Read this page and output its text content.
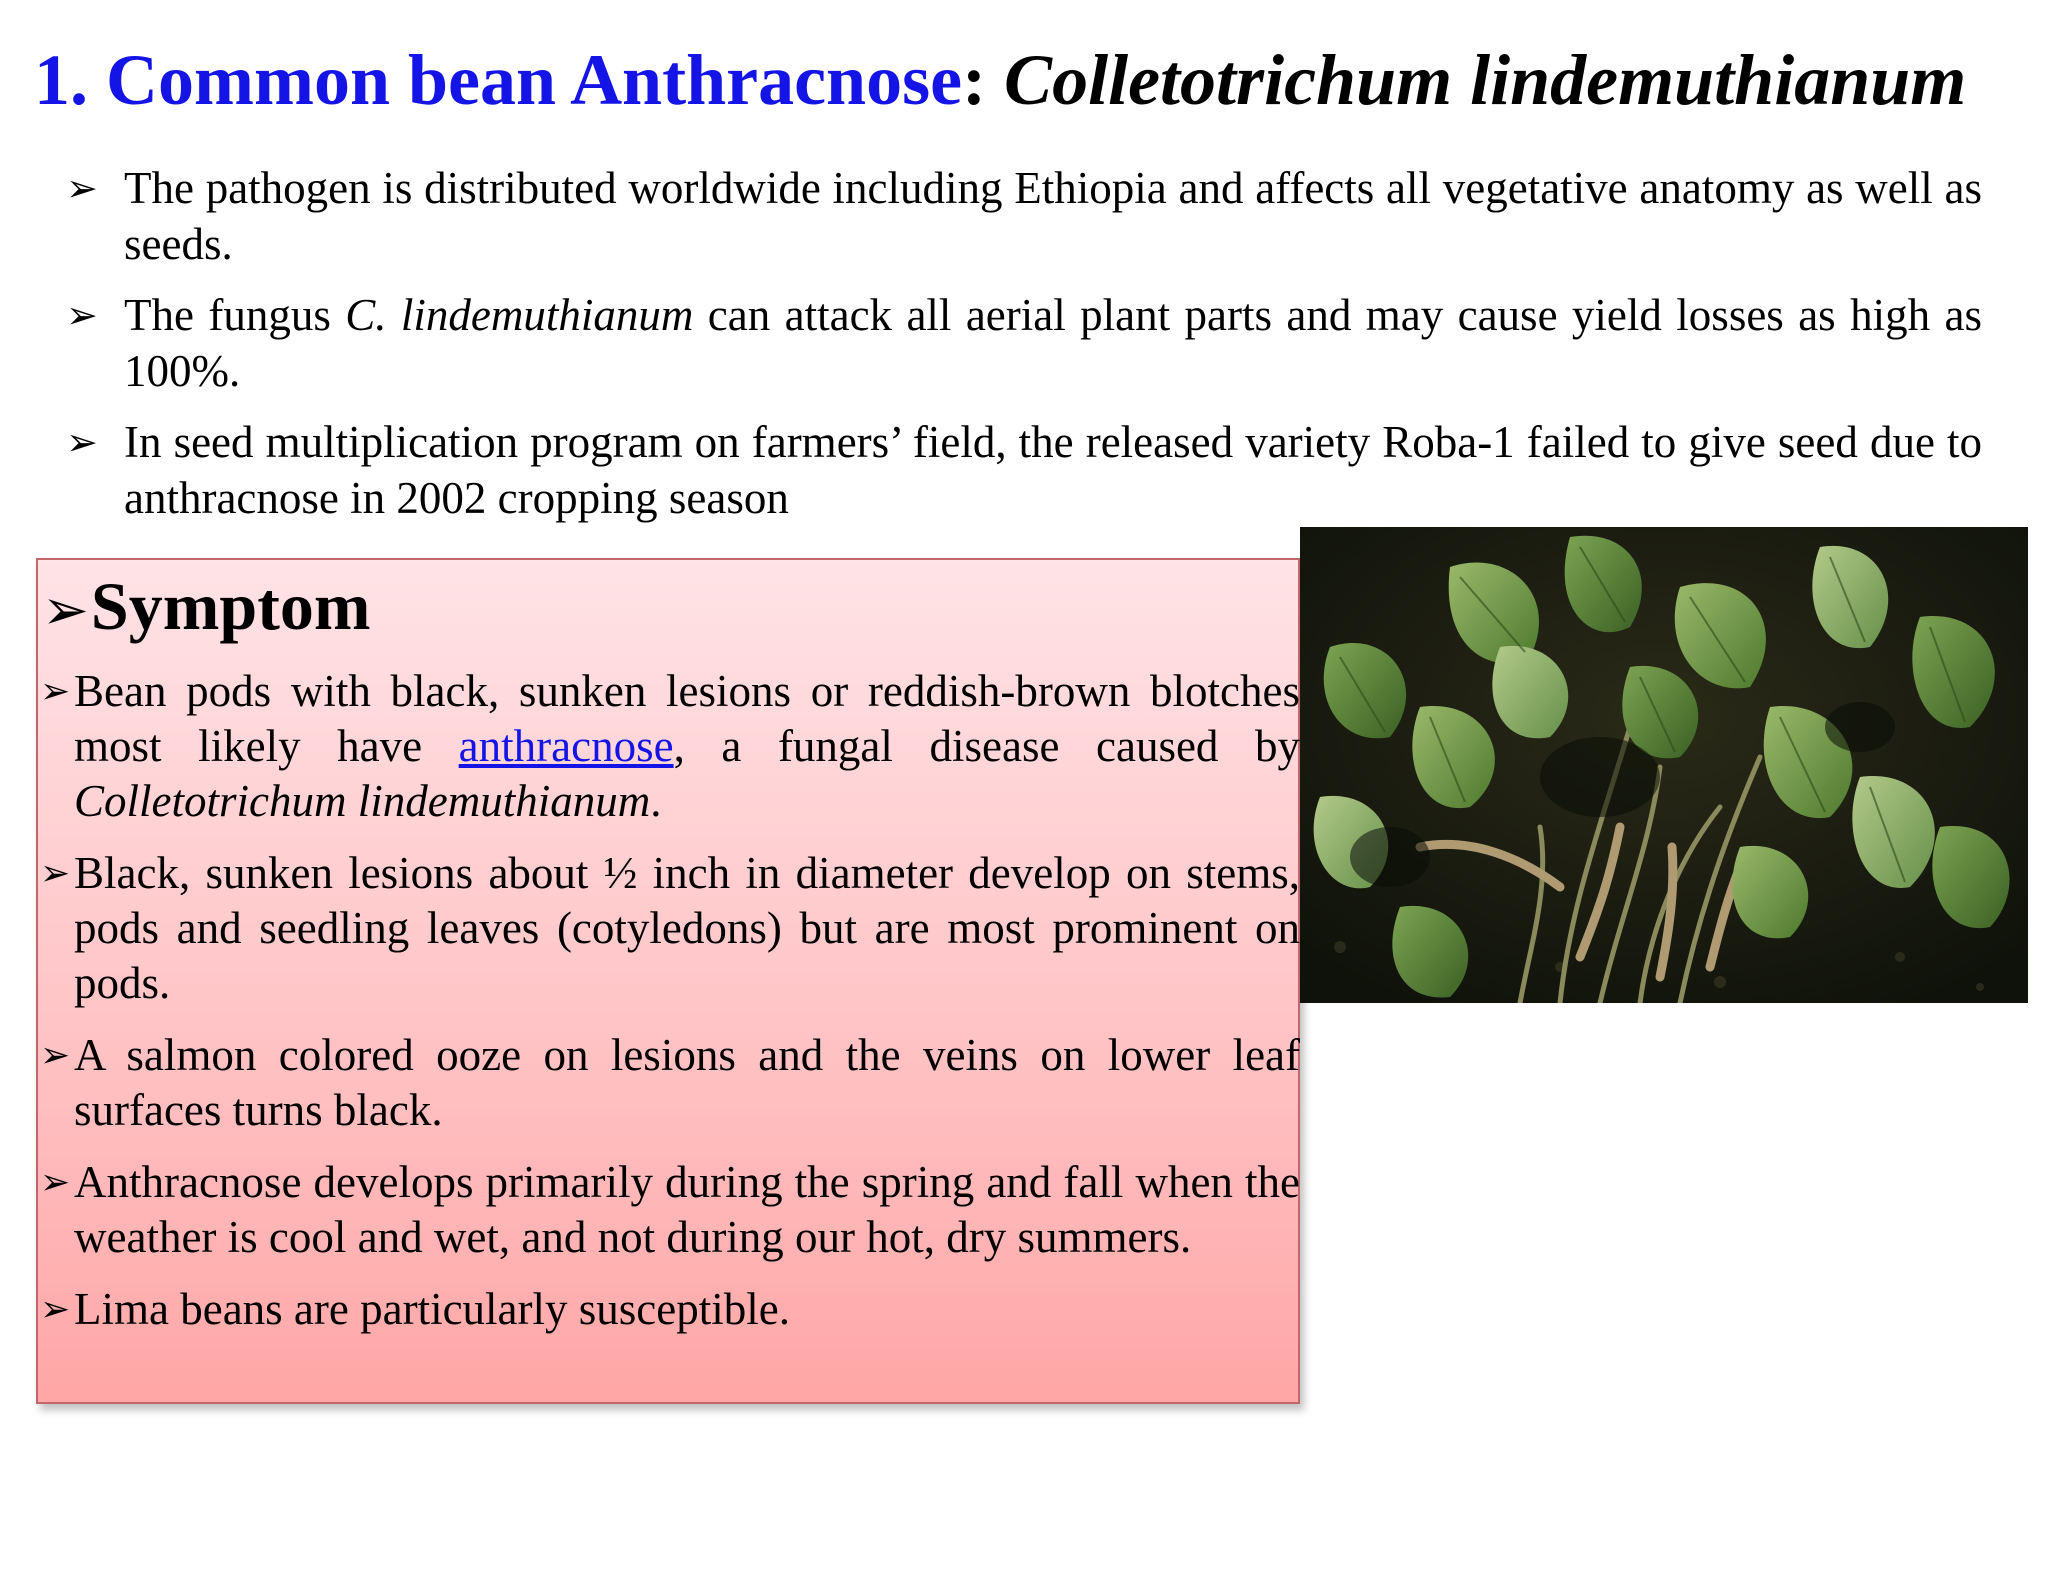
1. Common bean Anthracnose: Colletotrichum lindemuthianum
➢ The pathogen is distributed worldwide including Ethiopia and affects all vegetative anatomy as well as seeds.
➢ The fungus C. lindemuthianum can attack all aerial plant parts and may cause yield losses as high as 100%.
➢ In seed multiplication program on farmers’ field, the released variety Roba-1 failed to give seed due to anthracnose in 2002 cropping season
➢Symptom
➢ Bean pods with black, sunken lesions or reddish-brown blotches most likely have anthracnose, a fungal disease caused by Colletotrichum lindemuthianum.
➢ Black, sunken lesions about ½ inch in diameter develop on stems, pods and seedling leaves (cotyledons) but are most prominent on pods.
➢ A salmon colored ooze on lesions and the veins on lower leaf surfaces turns black.
➢ Anthracnose develops primarily during the spring and fall when the weather is cool and wet, and not during our hot, dry summers.
➢ Lima beans are particularly susceptible.
